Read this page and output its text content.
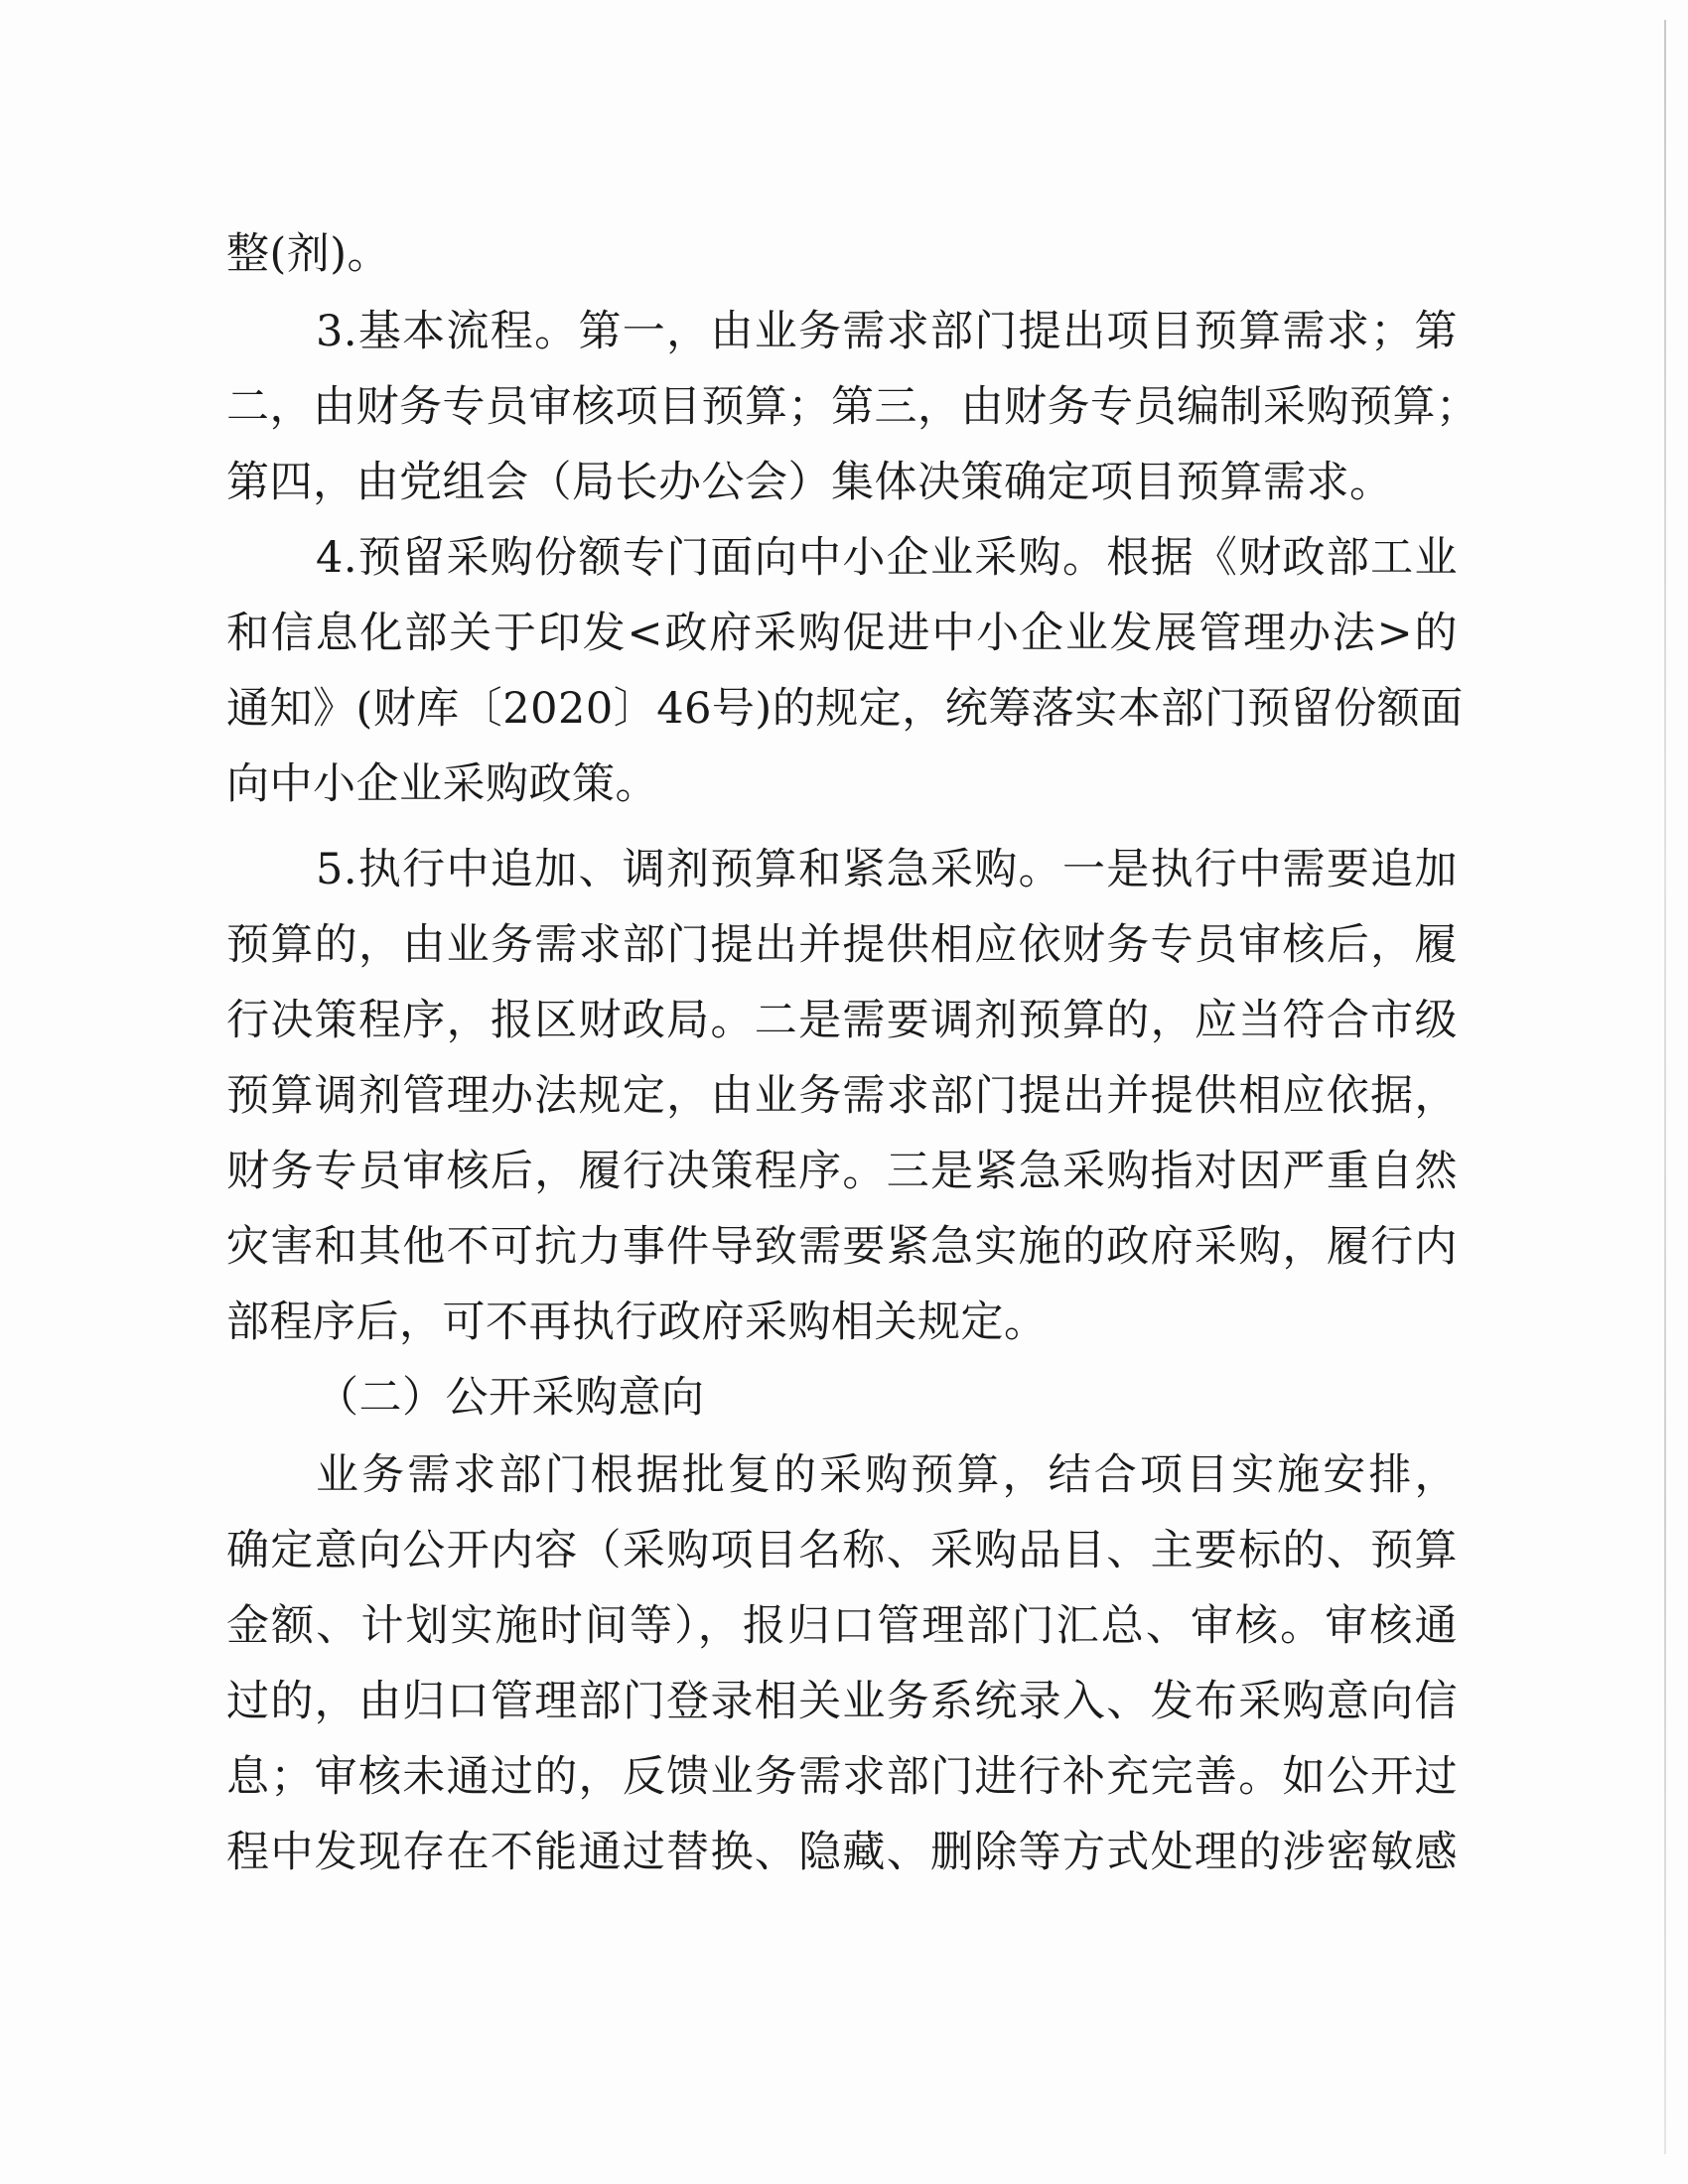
整(剂)。
3.基本流程。第一，由业务需求部门提出项目预算需求；第
二，由财务专员审核项目预算；第三，由财务专员编制采购预算；
第四，由党组会（局长办公会）集体决策确定项目预算需求。
4.预留采购份额专门面向中小企业采购。根据《财政部工业
和信息化部关于印发<政府采购促进中小企业发展管理办法>的
通知》(财库〔2020〕46号)的规定，统筹落实本部门预留份额面
向中小企业采购政策。
5.执行中追加、调剂预算和紧急采购。一是执行中需要追加
预算的，由业务需求部门提出并提供相应依财务专员审核后，履
行决策程序，报区财政局。二是需要调剂预算的，应当符合市级
预算调剂管理办法规定，由业务需求部门提出并提供相应依据，
财务专员审核后，履行决策程序。三是紧急采购指对因严重自然
灾害和其他不可抗力事件导致需要紧急实施的政府采购，履行内
部程序后，可不再执行政府采购相关规定。
（二）公开采购意向
业务需求部门根据批复的采购预算，结合项目实施安排，
确定意向公开内容（采购项目名称、采购品目、主要标的、预算
金额、计划实施时间等），报归口管理部门汇总、审核。审核通
过的，由归口管理部门登录相关业务系统录入、发布采购意向信
息；审核未通过的，反馈业务需求部门进行补充完善。如公开过
程中发现存在不能通过替换、隐藏、删除等方式处理的涉密敏感
